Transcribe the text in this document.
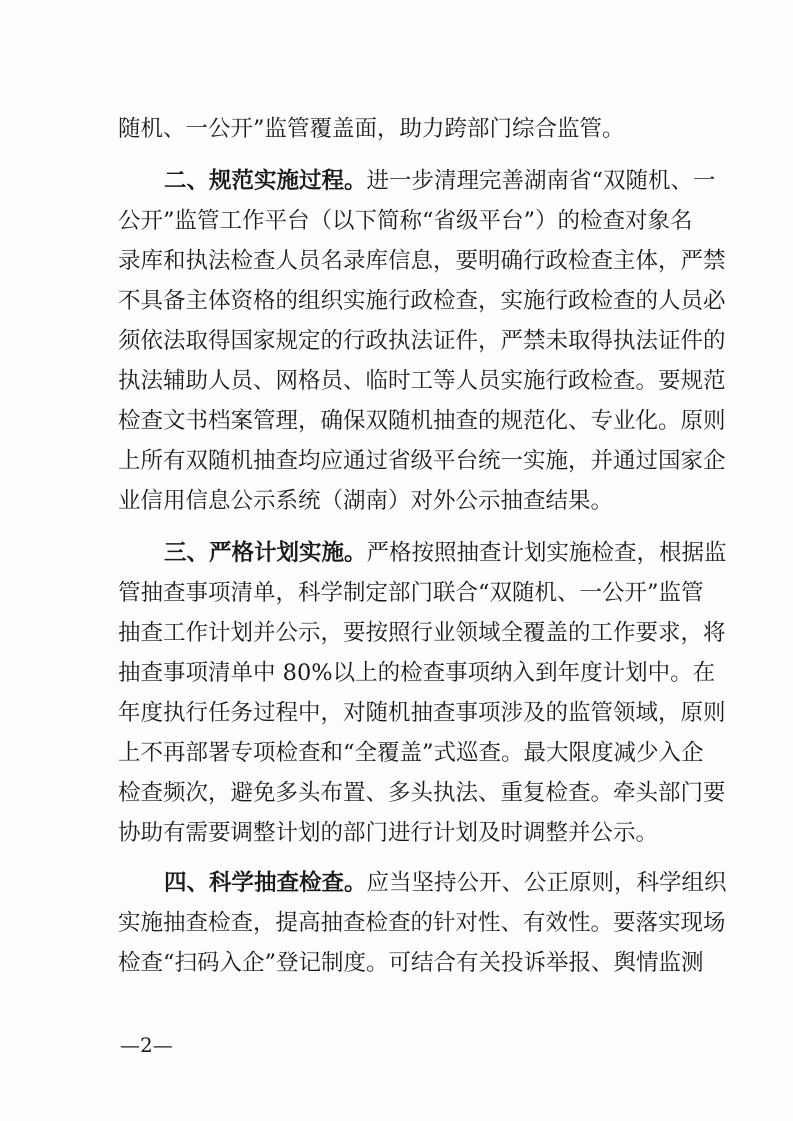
随机、一公开”监管覆盖面，助力跨部门综合监管。
二、规范实施过程。进一步清理完善湖南省“双随机、一
公开”监管工作平台（以下简称“省级平台”）的检查对象名
录库和执法检查人员名录库信息，要明确行政检查主体，严禁
不具备主体资格的组织实施行政检查，实施行政检查的人员必
须依法取得国家规定的行政执法证件，严禁未取得执法证件的
执法辅助人员、网格员、临时工等人员实施行政检查。要规范
检查文书档案管理，确保双随机抽查的规范化、专业化。原则
上所有双随机抽查均应通过省级平台统一实施，并通过国家企
业信用信息公示系统（湖南）对外公示抽查结果。
三、严格计划实施。严格按照抽查计划实施检查，根据监
管抽查事项清单，科学制定部门联合“双随机、一公开”监管
抽查工作计划并公示，要按照行业领域全覆盖的工作要求，将
抽查事项清单中 80%以上的检查事项纳入到年度计划中。在
年度执行任务过程中，对随机抽查事项涉及的监管领域，原则
上不再部署专项检查和“全覆盖”式巡查。最大限度减少入企
检查频次，避免多头布置、多头执法、重复检查。牵头部门要
协助有需要调整计划的部门进行计划及时调整并公示。
四、科学抽查检查。应当坚持公开、公正原则，科学组织
实施抽查检查，提高抽查检查的针对性、有效性。要落实现场
检查“扫码入企”登记制度。可结合有关投诉举报、舆情监测
—2—
